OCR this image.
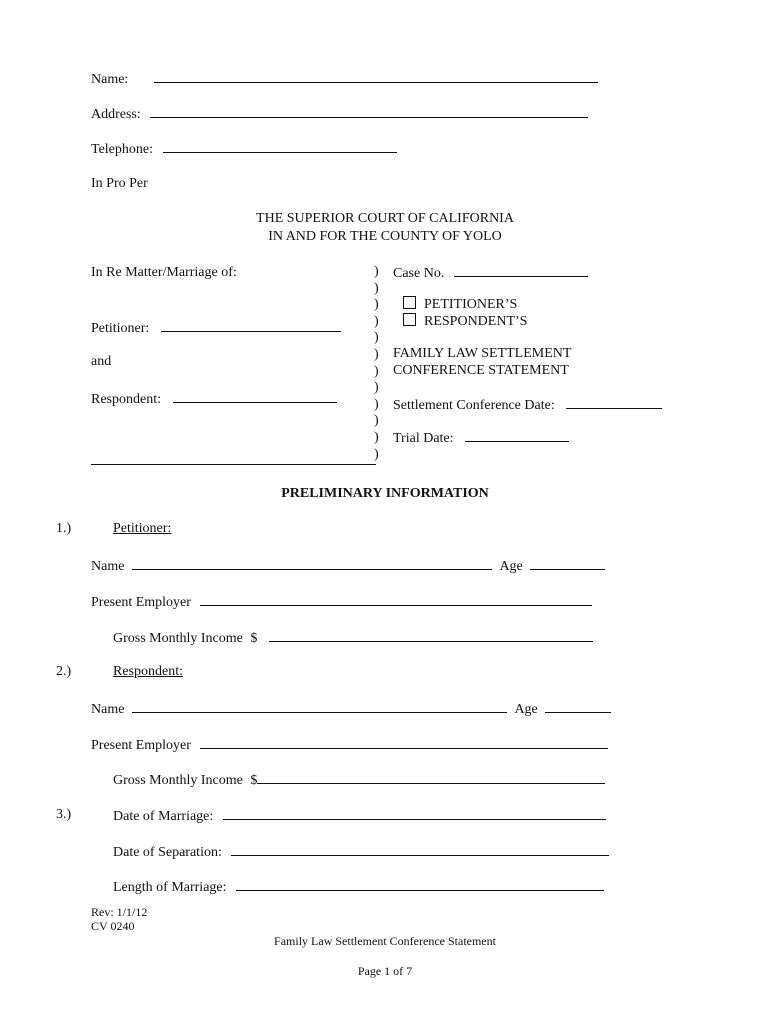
Name:
Address:
Telephone:
In Pro Per
THE SUPERIOR COURT OF CALIFORNIA
IN AND FOR THE COUNTY OF YOLO
In Re Matter/Marriage of:
Petitioner:
and
Respondent:
)
)
)
)
)
)
)
)
)
)
)
)
Case No.
PETITIONER’S
RESPONDENT’S
FAMILY LAW SETTLEMENT
CONFERENCE STATEMENT
Settlement Conference Date:
Trial Date:
PRELIMINARY INFORMATION
1.)	Petitioner:
Name	Age
Present Employer
Gross Monthly Income $
2.)	Respondent:
Name	Age
Present Employer
Gross Monthly Income $
3.)	Date of Marriage:
Date of Separation:
Length of Marriage:
Rev: 1/1/12
CV 0240
Family Law Settlement Conference Statement
Page 1 of 7
